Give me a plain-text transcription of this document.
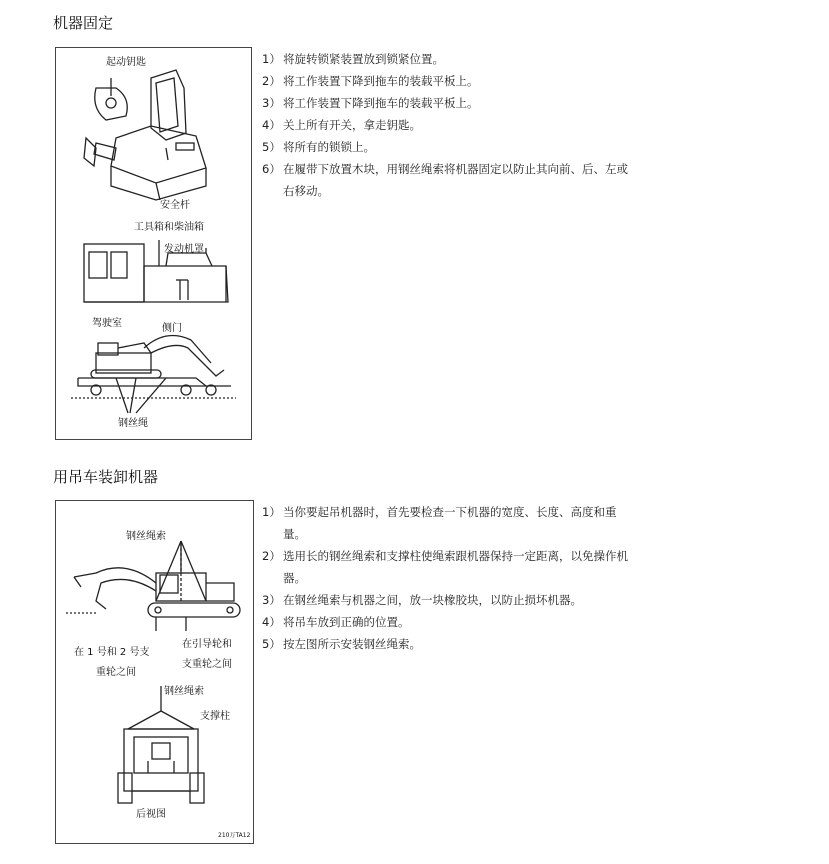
机器固定
起动钥匙
安全杆
工具箱和柴油箱
发动机罩
驾驶室	侧门
钢丝绳
1） 将旋转锁紧装置放到锁紧位置。
2） 将工作装置下降到拖车的装载平板上。
3） 将工作装置下降到拖车的装载平板上。
4） 关上所有开关，拿走钥匙。
5） 将所有的锁锁上。
6） 在履带下放置木块，用钢丝绳索将机器固定以防止其向前、后、左或右移动。
用吊车装卸机器
钢丝绳索
在引导轮和
支重轮之间
在 1 号和 2 号支
重轮之间
钢丝绳索
支撑柱
后视图
210万TA12
1） 当你要起吊机器时，首先要检查一下机器的宽度、长度、高度和重量。
2） 选用长的钢丝绳索和支撑柱使绳索跟机器保持一定距离，以免操作机器。
3） 在钢丝绳索与机器之间，放一块橡胶块，以防止损坏机器。
4） 将吊车放到正确的位置。
5） 按左图所示安装钢丝绳索。
